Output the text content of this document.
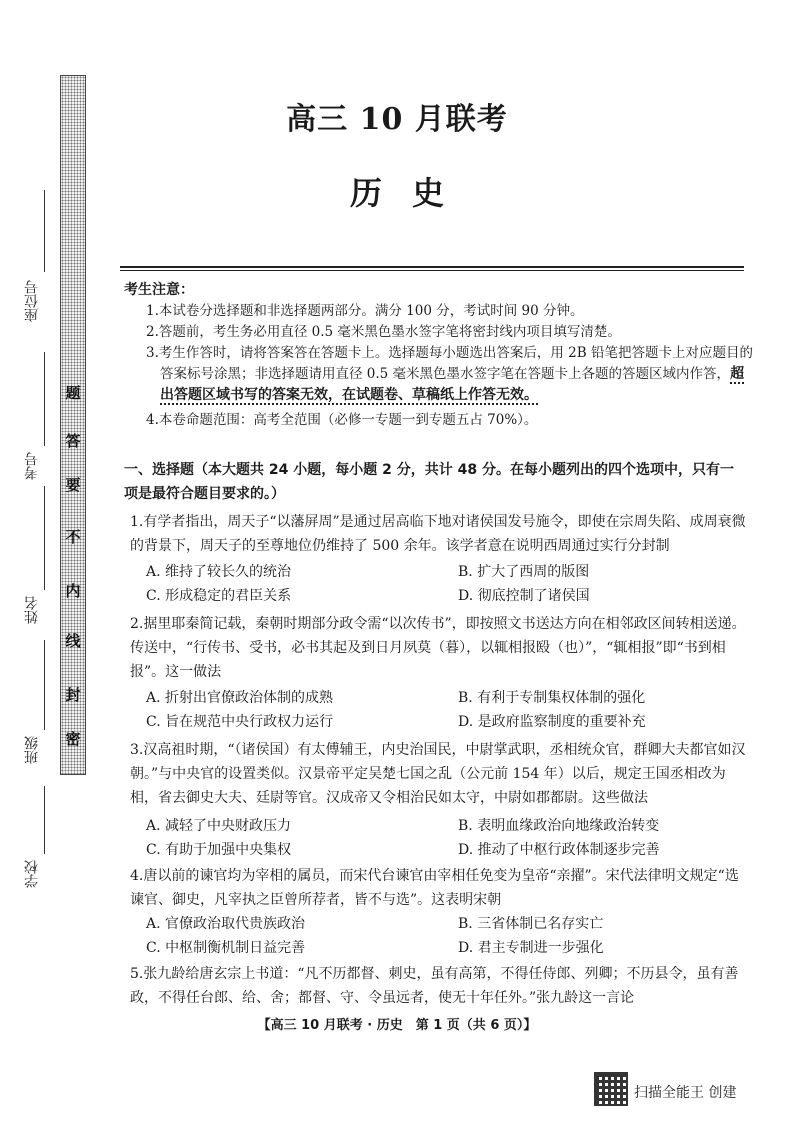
座位号
考号
姓名
班级
学校
密
封
线
内
不
要
答
题
高三 10 月联考
历史
考生注意：
1.本试卷分选择题和非选择题两部分。满分 100 分，考试时间 90 分钟。
2.答题前，考生务必用直径 0.5 毫米黑色墨水签字笔将密封线内项目填写清楚。
3.考生作答时，请将答案答在答题卡上。选择题每小题选出答案后，用 2B 铅笔把答题卡上对应题目的答案标号涂黑；非选择题请用直径 0.5 毫米黑色墨水签字笔在答题卡上各题的答题区域内作答，超出答题区域书写的答案无效，在试题卷、草稿纸上作答无效。
4.本卷命题范围：高考全范围（必修一专题一到专题五占 70%）。
一、选择题（本大题共 24 小题，每小题 2 分，共计 48 分。在每小题列出的四个选项中，只有一项是最符合题目要求的。）
1.有学者指出，周天子“以藩屏周”是通过居高临下地对诸侯国发号施令，即使在宗周失陷、成周衰微的背景下，周天子的至尊地位仍维持了 500 余年。该学者意在说明西周通过实行分封制
A. 维持了较长久的统治	B. 扩大了西周的版图
C. 形成稳定的君臣关系	D. 彻底控制了诸侯国
2.据里耶秦简记载，秦朝时期部分政令需“以次传书”，即按照文书送达方向在相邻政区间转相送递。传送中，“行传书、受书，必书其起及到日月夙莫（暮），以辄相报殹（也）”，“辄相报”即“书到相报”。这一做法
A. 折射出官僚政治体制的成熟	B. 有利于专制集权体制的强化
C. 旨在规范中央行政权力运行	D. 是政府监察制度的重要补充
3.汉高祖时期，“（诸侯国）有太傅辅王，内史治国民，中尉掌武职，丞相统众官，群卿大夫都官如汉朝。”与中央官的设置类似。汉景帝平定吴楚七国之乱（公元前 154 年）以后，规定王国丞相改为相，省去御史大夫、廷尉等官。汉成帝又令相治民如太守，中尉如郡都尉。这些做法
A. 减轻了中央财政压力	B. 表明血缘政治向地缘政治转变
C. 有助于加强中央集权	D. 推动了中枢行政体制逐步完善
4.唐以前的谏官均为宰相的属员，而宋代台谏官由宰相任免变为皇帝“亲擢”。宋代法律明文规定“选谏官、御史，凡宰执之臣曾所荐者，皆不与选”。这表明宋朝
A. 官僚政治取代贵族政治	B. 三省体制已名存实亡
C. 中枢制衡机制日益完善	D. 君主专制进一步强化
5.张九龄给唐玄宗上书道：“凡不历都督、刺史，虽有高第，不得任侍郎、列卿；不历县令，虽有善政，不得任台郎、给、舍；都督、守、令虽远者，使无十年任外。”张九龄这一言论
【高三 10 月联考 · 历史　第 1 页（共 6 页）】
扫描全能王 创建
